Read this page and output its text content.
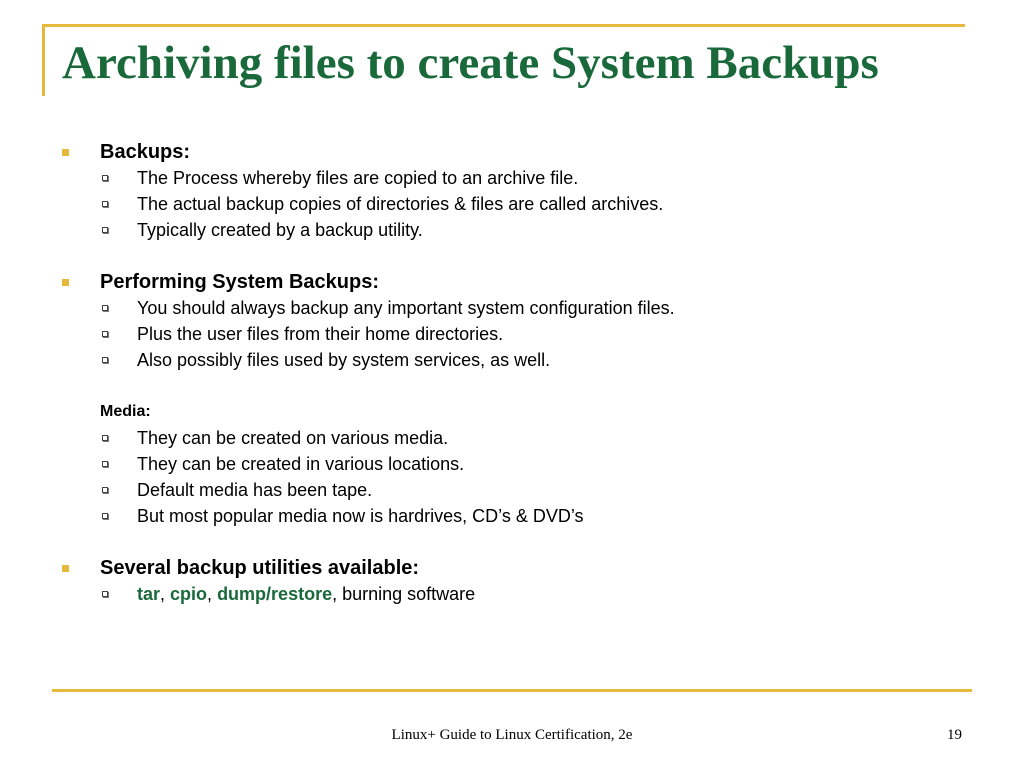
Archiving files to create System Backups
Backups:
The Process whereby files are copied to an archive file.
The actual backup copies of directories & files are called archives.
Typically created by a backup utility.
Performing System Backups:
You should always backup any important system configuration files.
Plus the user files from their home directories.
Also possibly files used by system services, as well.
Media:
They can be created on various media.
They can be created in various locations.
Default media has been tape.
But most popular media now is hardrives, CD’s & DVD’s
Several backup utilities available:
tar, cpio, dump/restore, burning software
Linux+ Guide to Linux Certification, 2e	19
